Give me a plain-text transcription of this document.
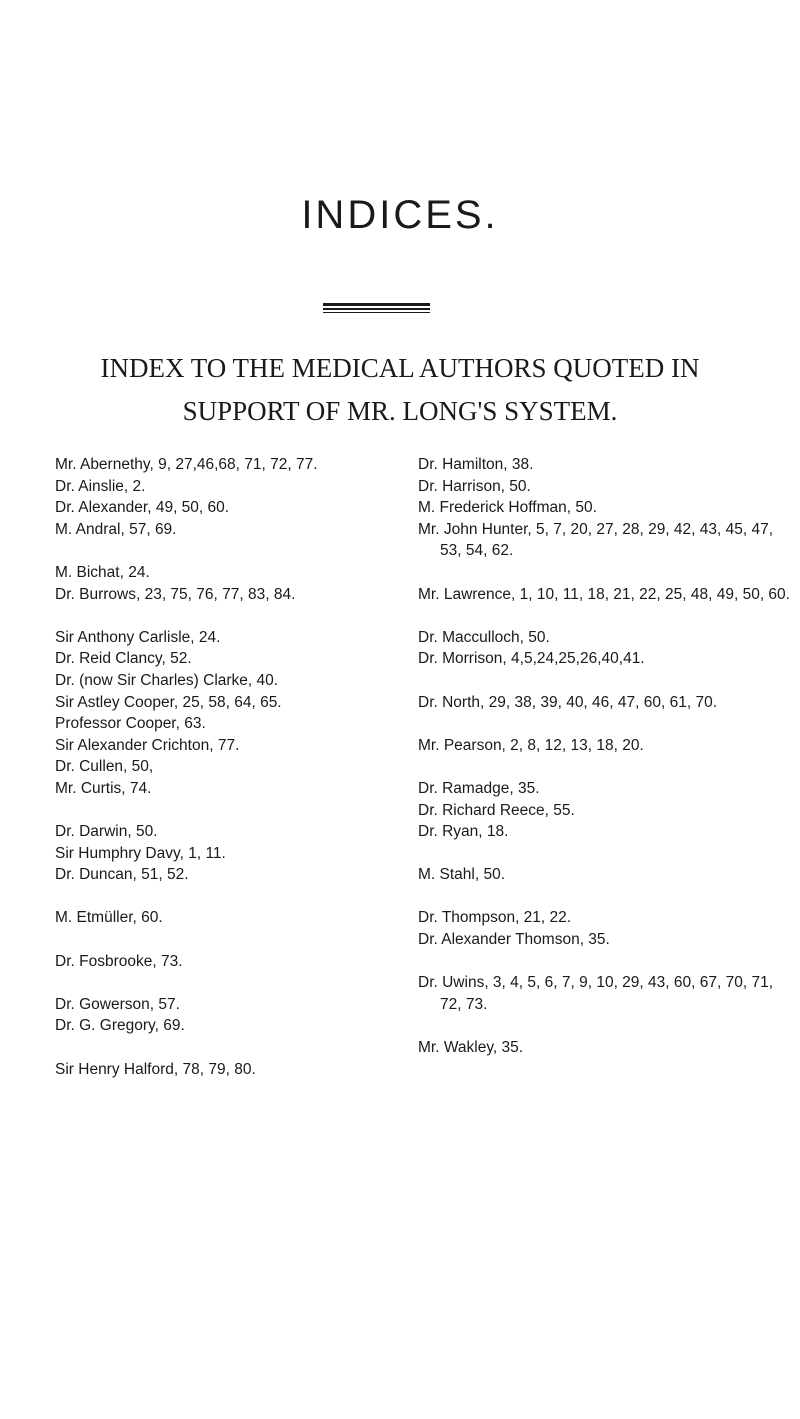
INDICES.
INDEX TO THE MEDICAL AUTHORS QUOTED IN
SUPPORT OF MR. LONG'S SYSTEM.
Mr. Abernethy, 9, 27,46,68, 71, 72, 77.
Dr. Ainslie, 2.
Dr. Alexander, 49, 50, 60.
M. Andral, 57, 69.
M. Bichat, 24.
Dr. Burrows, 23, 75, 76, 77, 83, 84.
Sir Anthony Carlisle, 24.
Dr. Reid Clancy, 52.
Dr. (now Sir Charles) Clarke, 40.
Sir Astley Cooper, 25, 58, 64, 65.
Professor Cooper, 63.
Sir Alexander Crichton, 77.
Dr. Cullen, 50,
Mr. Curtis, 74.
Dr. Darwin, 50.
Sir Humphry Davy, 1, 11.
Dr. Duncan, 51, 52.
M. Etmüller, 60.
Dr. Fosbrooke, 73.
Dr. Gowerson, 57.
Dr. G. Gregory, 69.
Sir Henry Halford, 78, 79, 80.
Dr. Hamilton, 38.
Dr. Harrison, 50.
M. Frederick Hoffman, 50.
Mr. John Hunter, 5, 7, 20, 27, 28, 29, 42, 43, 45, 47, 53, 54, 62.
Mr. Lawrence, 1, 10, 11, 18, 21, 22, 25, 48, 49, 50, 60.
Dr. Macculloch, 50.
Dr. Morrison, 4,5,24,25,26,40,41.
Dr. North, 29, 38, 39, 40, 46, 47, 60, 61, 70.
Mr. Pearson, 2, 8, 12, 13, 18, 20.
Dr. Ramadge, 35.
Dr. Richard Reece, 55.
Dr. Ryan, 18.
M. Stahl, 50.
Dr. Thompson, 21, 22.
Dr. Alexander Thomson, 35.
Dr. Uwins, 3, 4, 5, 6, 7, 9, 10, 29, 43, 60, 67, 70, 71, 72, 73.
Mr. Wakley, 35.
